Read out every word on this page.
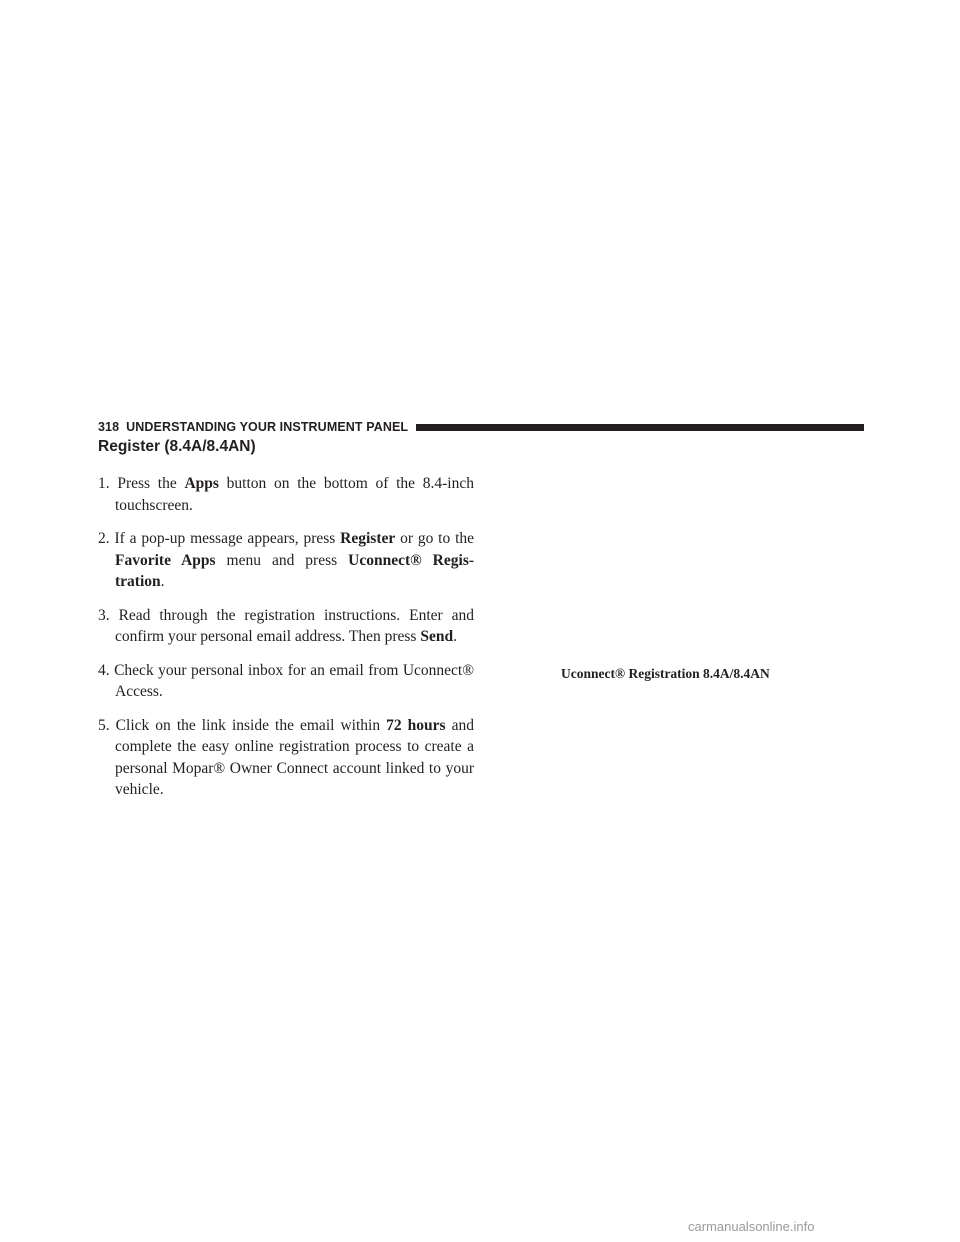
318 UNDERSTANDING YOUR INSTRUMENT PANEL
Register (8.4A/8.4AN)
1. Press the Apps button on the bottom of the 8.4-inch touchscreen.
2. If a pop-up message appears, press Register or go to the Favorite Apps menu and press Uconnect® Regis-tration.
3. Read through the registration instructions. Enter and confirm your personal email address. Then press Send.
4. Check your personal inbox for an email from Uconnect® Access.
5. Click on the link inside the email within 72 hours and complete the easy online registration process to create a personal Mopar® Owner Connect account linked to your vehicle.
Uconnect® Registration 8.4A/8.4AN
carmanualsonline.info
